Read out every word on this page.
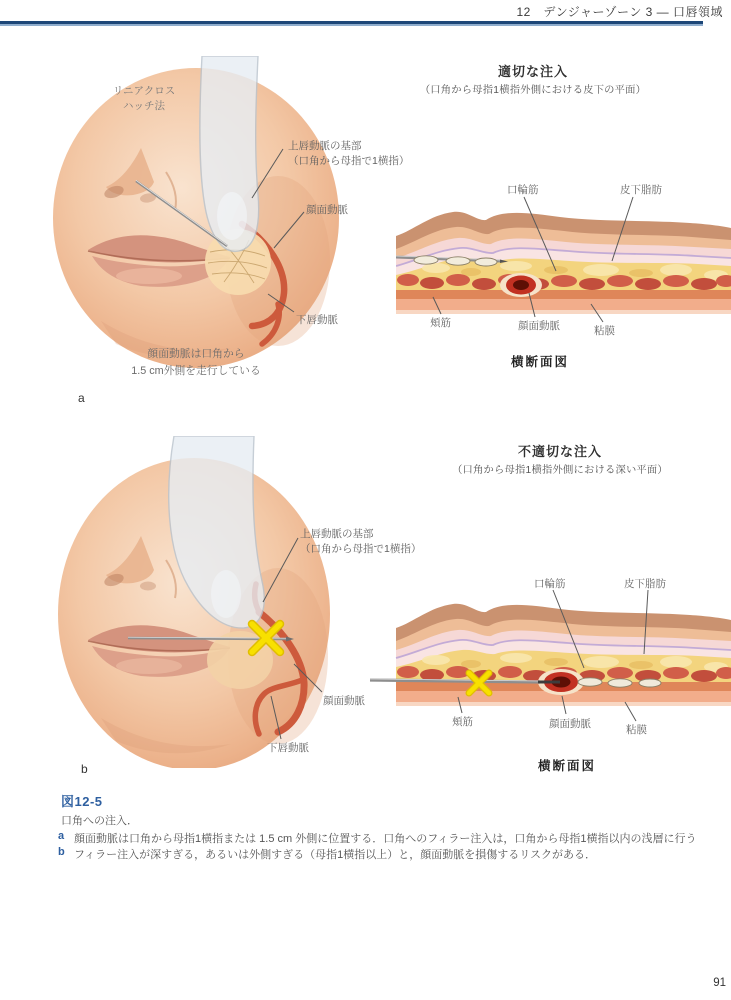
12　デンジャーゾーン 3 ― 口唇領域
リニアクロス
ハッチ法
上唇動脈の基部
（口角から母指で1横指）
顔面動脈
下唇動脈
顔面動脈は口角から
1.5 cm外側を走行している
a
適切な注入
（口角から母指1横指外側における皮下の平面）
口輪筋	皮下脂肪
頬筋	顔面動脈	粘膜
横断面図
上唇動脈の基部
（口角から母指で1横指）
顔面動脈
下唇動脈
b
不適切な注入
（口角から母指1横指外側における深い平面）
口輪筋	皮下脂肪
頬筋	顔面動脈	粘膜
横断面図
図12-5
口角への注入．
a 顔面動脈は口角から母指1横指または 1.5 cm 外側に位置する．口角へのフィラー注入は，口角から母指1横指以内の浅層に行う
b フィラー注入が深すぎる，あるいは外側すぎる（母指1横指以上）と，顔面動脈を損傷するリスクがある．
91
